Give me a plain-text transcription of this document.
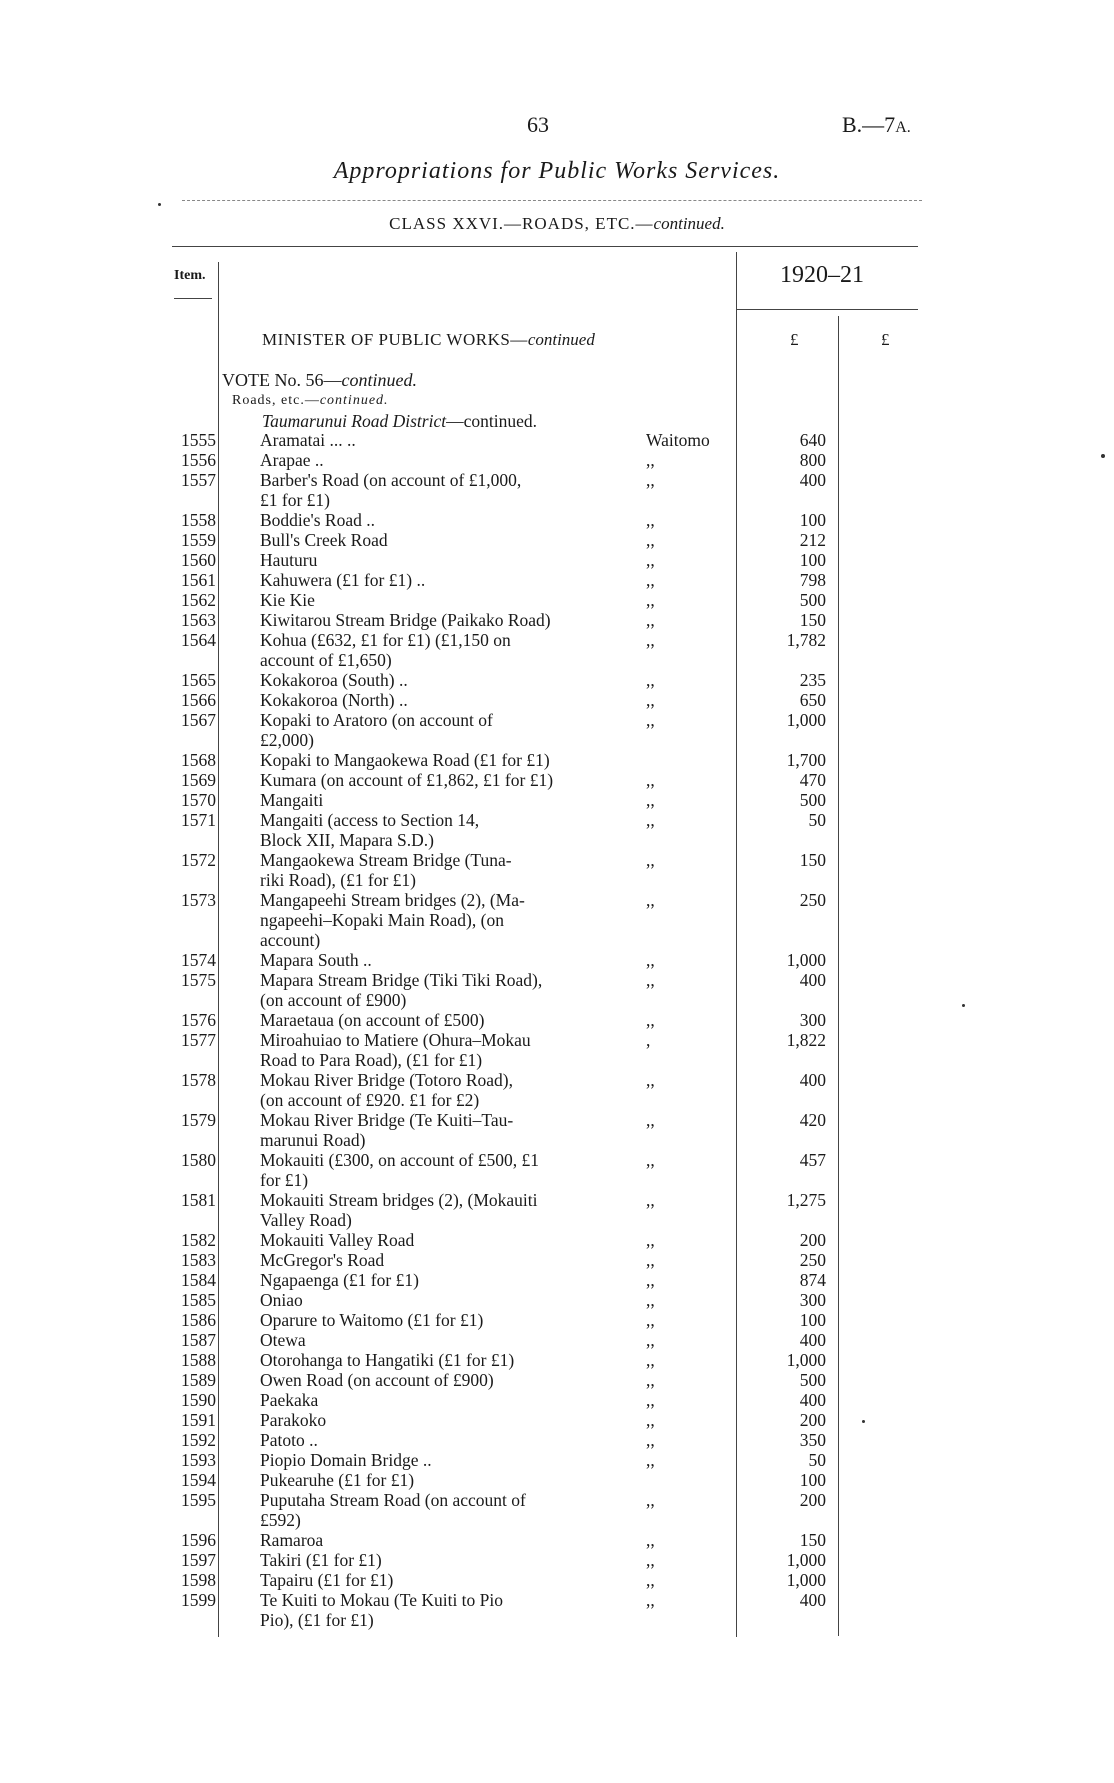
63	B.—7A.
Appropriations for Public Works Services.
CLASS XXVI.—ROADS, ETC.—continued.
Item.	1920–21
£	£
MINISTER OF PUBLIC WORKS—continued
VOTE No. 56—continued.
Roads, etc.—continued.
Taumarunui Road District—continued.
1555	Aramatai ... ..	Waitomo	640
1556	Arapae ..	,,	800
1557	Barber's Road (on account of £1,000,
£1 for £1)
,,	400
1558	Boddie's Road ..	,,	100
1559	Bull's Creek Road	,,	212
1560	Hauturu	,,	100
1561	Kahuwera (£1 for £1) ..	,,	798
1562	Kie Kie	,,	500
1563	Kiwitarou Stream Bridge (Paikako Road)	,,	150
1564	Kohua (£632, £1 for £1) (£1,150 on
account of £1,650)
,,	1,782
1565	Kokakoroa (South) ..	,,	235
1566	Kokakoroa (North) ..	,,	650
1567	Kopaki to Aratoro (on account of
£2,000)
,,	1,000
1568	Kopaki to Mangaokewa Road (£1 for £1)	1,700
1569	Kumara (on account of £1,862, £1 for £1)	,,	470
1570	Mangaiti	,,	500
1571	Mangaiti (access to Section 14,
Block XII, Mapara S.D.)
,,	50
1572	Mangaokewa Stream Bridge (Tuna-
riki Road), (£1 for £1)
,,	150
1573	Mangapeehi Stream bridges (2), (Ma-
ngapeehi–Kopaki Main Road), (on
account)
,,	250
1574	Mapara South ..	,,	1,000
1575	Mapara Stream Bridge (Tiki Tiki Road),
(on account of £900)
,,	400
1576	Maraetaua (on account of £500)	,,	300
1577	Miroahuiao to Matiere (Ohura–Mokau
Road to Para Road), (£1 for £1)
,	1,822
1578	Mokau River Bridge (Totoro Road),
(on account of £920. £1 for £2)
,,	400
1579	Mokau River Bridge (Te Kuiti–Tau-
marunui Road)
,,	420
1580	Mokauiti (£300, on account of £500, £1
for £1)
,,	457
1581	Mokauiti Stream bridges (2), (Mokauiti
Valley Road)
,,	1,275
1582	Mokauiti Valley Road	,,	200
1583	McGregor's Road	,,	250
1584	Ngapaenga (£1 for £1)	,,	874
1585	Oniao	,,	300
1586	Oparure to Waitomo (£1 for £1)	,,	100
1587	Otewa	,,	400
1588	Otorohanga to Hangatiki (£1 for £1)	,,	1,000
1589	Owen Road (on account of £900)	,,	500
1590	Paekaka	,,	400
1591	Parakoko	,,	200
1592	Patoto ..	,,	350
1593	Piopio Domain Bridge ..	,,	50
1594	Pukearuhe (£1 for £1)	100
1595	Puputaha Stream Road (on account of
£592)
,,	200
1596	Ramaroa	,,	150
1597	Takiri (£1 for £1)	,,	1,000
1598	Tapairu (£1 for £1)	,,	1,000
1599	Te Kuiti to Mokau (Te Kuiti to Pio
Pio), (£1 for £1)
,,	400
